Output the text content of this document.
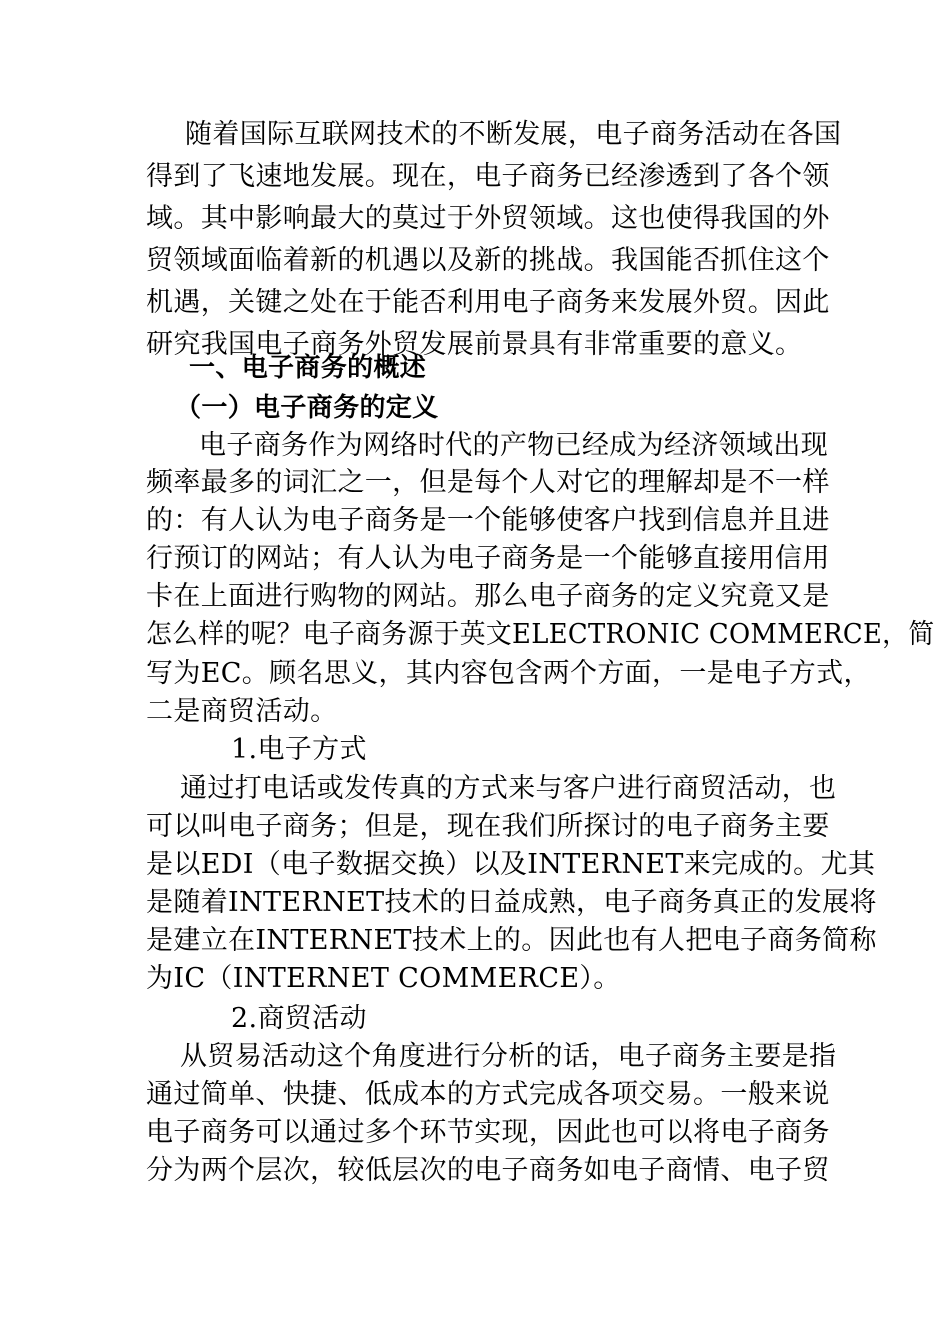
随着国际互联网技术的不断发展，电子商务活动在各国
得到了飞速地发展。现在，电子商务已经渗透到了各个领
域。其中影响最大的莫过于外贸领域。这也使得我国的外
贸领域面临着新的机遇以及新的挑战。我国能否抓住这个
机遇，关键之处在于能否利用电子商务来发展外贸。因此
研究我国电子商务外贸发展前景具有非常重要的意义。
一、电子商务的概述
（一）电子商务的定义
电子商务作为网络时代的产物已经成为经济领域出现
频率最多的词汇之一，但是每个人对它的理解却是不一样
的：有人认为电子商务是一个能够使客户找到信息并且进
行预订的网站；有人认为电子商务是一个能够直接用信用
卡在上面进行购物的网站。那么电子商务的定义究竟又是
怎么样的呢？电子商务源于英文ELECTRONIC COMMERCE，简
写为EC。顾名思义，其内容包含两个方面，一是电子方式，
二是商贸活动。
1.电子方式
通过打电话或发传真的方式来与客户进行商贸活动，也
可以叫电子商务；但是，现在我们所探讨的电子商务主要
是以EDI（电子数据交换）以及INTERNET来完成的。尤其
是随着INTERNET技术的日益成熟，电子商务真正的发展将
是建立在INTERNET技术上的。因此也有人把电子商务简称
为IC（INTERNET COMMERCE）。
2.商贸活动
从贸易活动这个角度进行分析的话，电子商务主要是指
通过简单、快捷、低成本的方式完成各项交易。一般来说
电子商务可以通过多个环节实现，因此也可以将电子商务
分为两个层次，较低层次的电子商务如电子商情、电子贸
